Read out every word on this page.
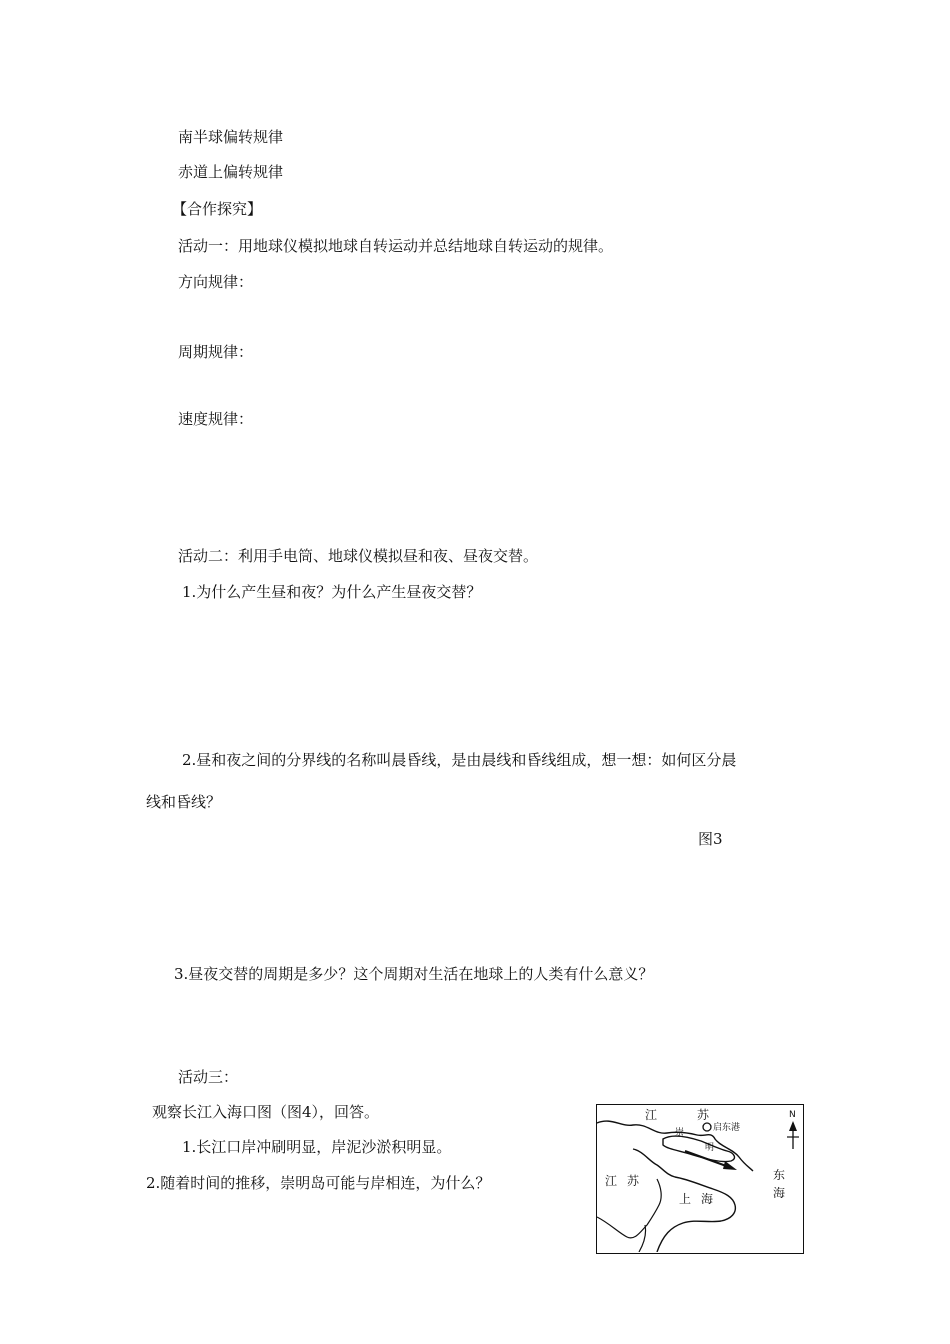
南半球偏转规律
赤道上偏转规律
【合作探究】
活动一：用地球仪模拟地球自转运动并总结地球自转运动的规律。
方向规律：
周期规律：
速度规律：
活动二：利用手电筒、地球仪模拟昼和夜、昼夜交替。
1.为什么产生昼和夜？为什么产生昼夜交替？
2.昼和夜之间的分界线的名称叫晨昏线，是由晨线和昏线组成，想一想：如何区分晨
线和昏线？
图3
3.昼夜交替的周期是多少？这个周期对生活在地球上的人类有什么意义？
活动三：
观察长江入海口图（图4），回答。
1.长江口岸冲刷明显，岸泥沙淤积明显。
2.随着时间的推移，崇明岛可能与岸相连，为什么？
江	苏
启东港
崇
明
江 苏
上 海
东
海
N
